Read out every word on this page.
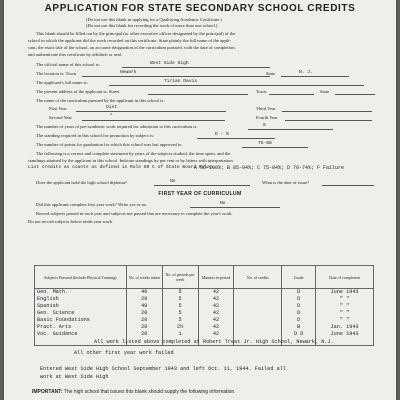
APPLICATION FOR STATE SECONDARY SCHOOL CREDITS
(Do not use this blank in applying for a Qualifying Academic Certificate.)
(Do not use this blank for recording the work of more than one school.)
This blank should be filled out by the principal (or other executive officer designated by the principal) of the
school in which the applicant did the work recorded on this certificate. State plainly the full name of the appli-
cant, the exact title of the school, an accurate designation of the curriculum pursued, with the date of completion,
and authenticate this certificate by affidavit or seal.
The official name of this school is:	West Side High
The location is: Town	Newark	State	N. J.
The applicant's full name is:	Tirian Davis
The present address of the applicant is: Street	Town	State
The name of the curriculum pursued by the applicant in this school is:
First Year	Dist.	Third Year
Second Year	"	Fourth Year
The number of years of pre-academic work required for admission to this curriculum is:	8
The standing required in this school for promotion by subject is:	D - %
The number of points for graduation for which this school was last approved is:	75-88
The following is a correct and complete statement by years of the subjects studied, the time spent, and the
standings attained by the applicant in this school. Indicate standings by per cent or by letters with interpretation.
List credits as counts as defined in Rule 50 C of State Board Rules.
A 95-100%; B 85-94%; C 75-84%; D 70-74%; F Failure
Does the applicant hold the high school diploma?	No	What is the date of issue?
FIRST YEAR OF CURRICULUM
Did this applicant complete first year work? Write yes or no.	No
Record subjects passed in each year and subjects not passed that are necessary to complete the year's work.
Do not record subjects below ninth year work.
Subjects Pursued (Include Physical Training)	No. of weeks taken	No. of periods per week	Minutes in period	No. of credits	Grade	Date of completion
Gen. Math.	40	5	42		D	June 1943
English	20	5	42		D	" "
Spanish	40	5	42		D	" "
Gen. Science	20	5	42		D	" "
Basic Foundations	20	5	42		D	" "
Pract. Arts	20	2½	42		B	Jan. 1943
Voc. Guidance	20	1	42		D D	June 1943

All work listed above completed at Robert Treat Jr. High School, Newark, N.J.
All other first year work failed
Entered West Side High School September 1943 and left Oct. 11, 1944. Failed all
work at West Side High
IMPORTANT: The high school that issues this blank should supply the following information.
